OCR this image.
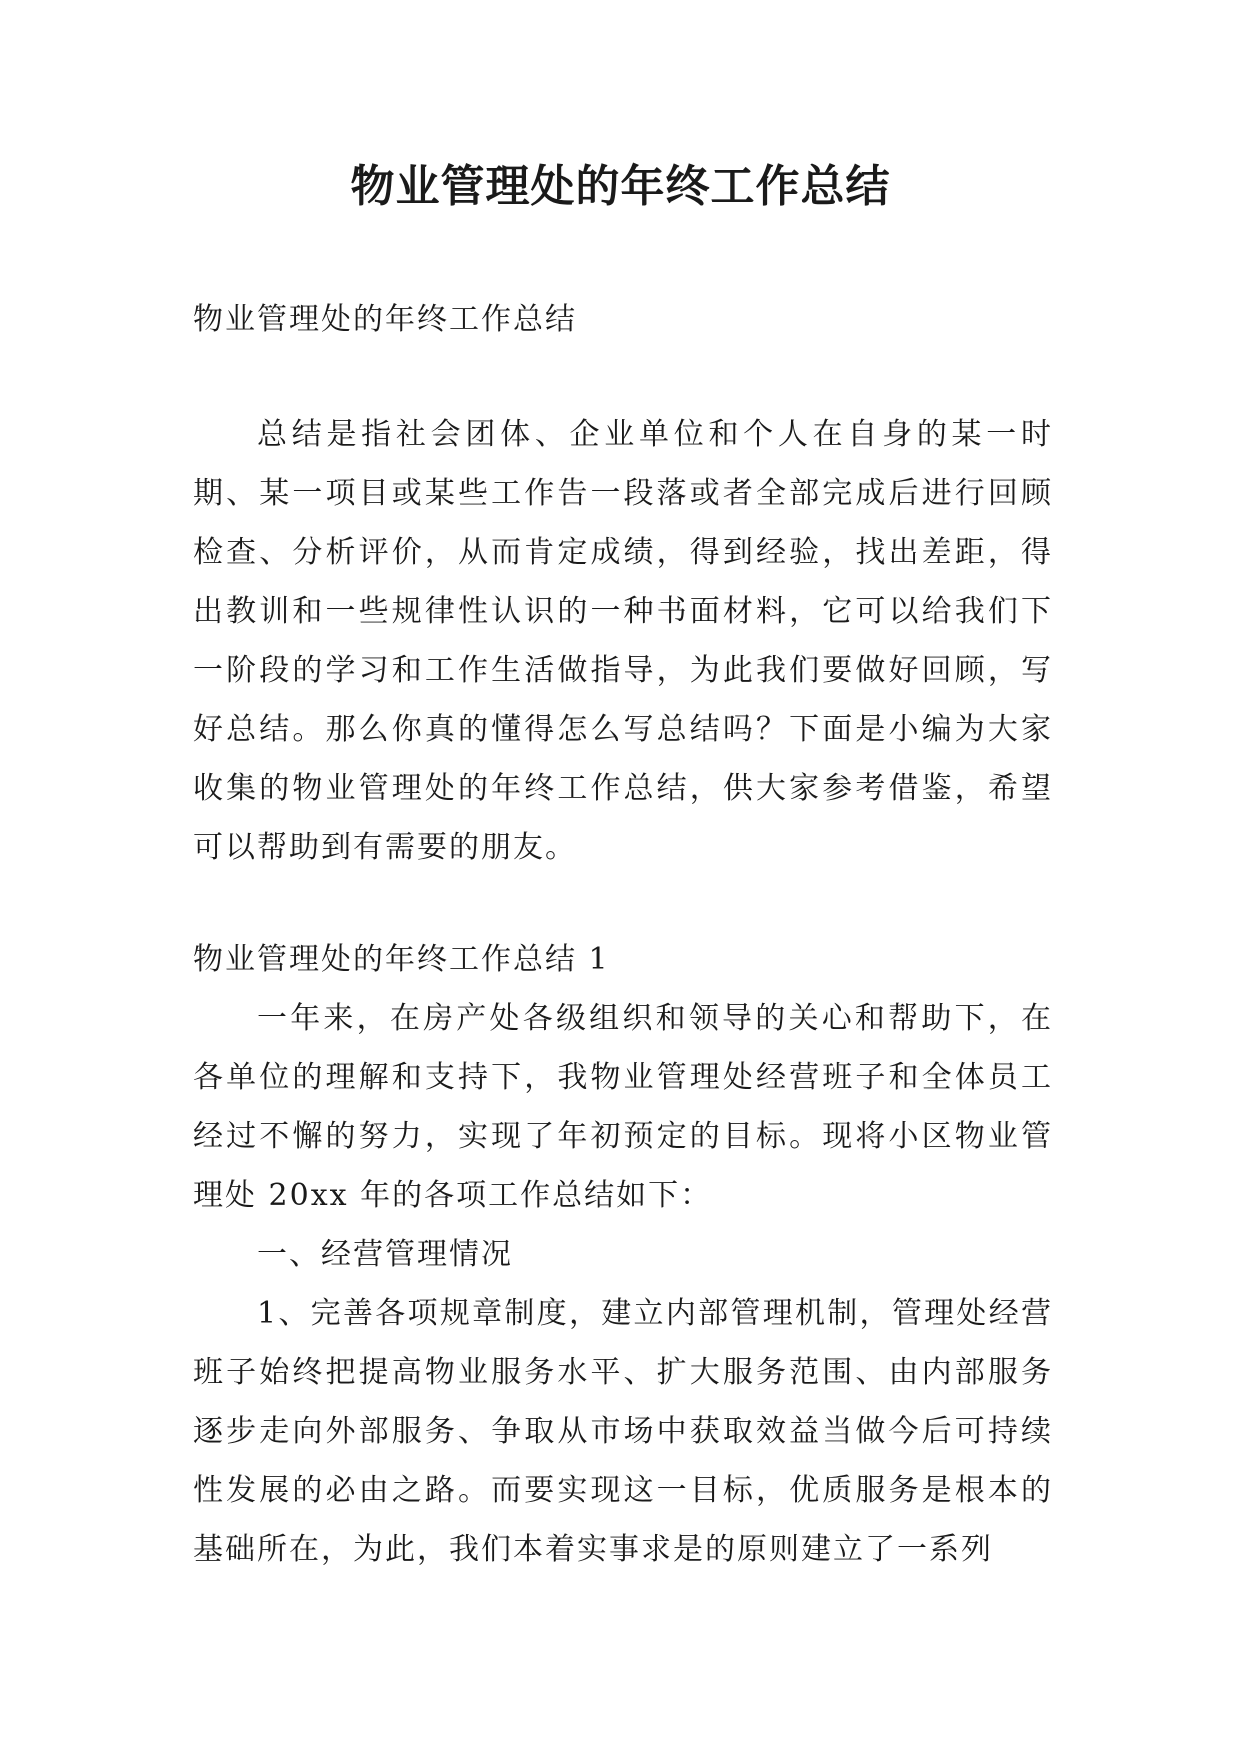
物业管理处的年终工作总结
物业管理处的年终工作总结

总结是指社会团体、企业单位和个人在自身的某一时期、某一项目或某些工作告一段落或者全部完成后进行回顾检查、分析评价，从而肯定成绩，得到经验，找出差距，得出教训和一些规律性认识的一种书面材料，它可以给我们下一阶段的学习和工作生活做指导，为此我们要做好回顾，写好总结。那么你真的懂得怎么写总结吗？下面是小编为大家收集的物业管理处的年终工作总结，供大家参考借鉴，希望可以帮助到有需要的朋友。

物业管理处的年终工作总结 1

一年来，在房产处各级组织和领导的关心和帮助下，在各单位的理解和支持下，我物业管理处经营班子和全体员工经过不懈的努力，实现了年初预定的目标。现将小区物业管理处 20xx 年的各项工作总结如下：

一、经营管理情况

1、完善各项规章制度，建立内部管理机制，管理处经营班子始终把提高物业服务水平、扩大服务范围、由内部服务逐步走向外部服务、争取从市场中获取效益当做今后可持续性发展的必由之路。而要实现这一目标，优质服务是根本的基础所在，为此，我们本着实事求是的原则建立了一系列
